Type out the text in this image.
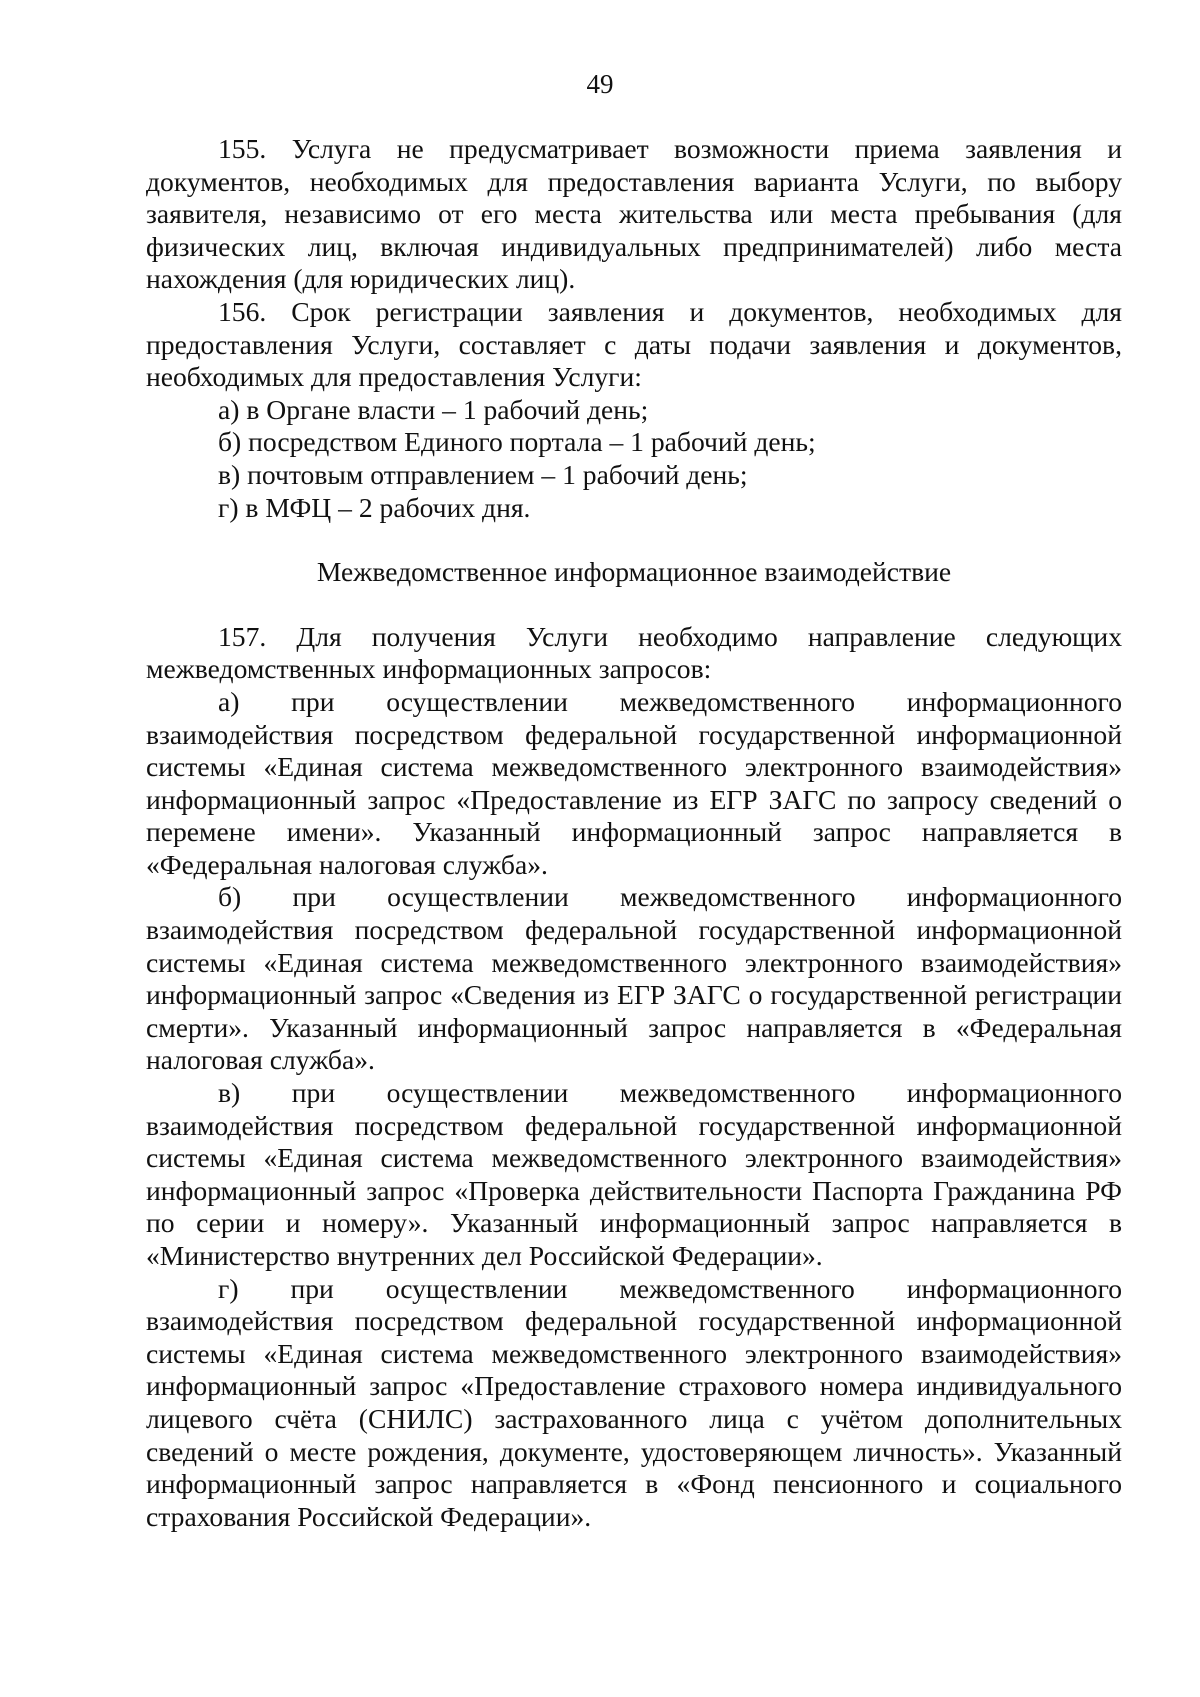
49

155. Услуга не предусматривает возможности приема заявления и документов, необходимых для предоставления варианта Услуги, по выбору заявителя, независимо от его места жительства или места пребывания (для физических лиц, включая индивидуальных предпринимателей) либо места нахождения (для юридических лиц).

156. Срок регистрации заявления и документов, необходимых для предоставления Услуги, составляет с даты подачи заявления и документов, необходимых для предоставления Услуги:

а) в Органе власти – 1 рабочий день;

б) посредством Единого портала – 1 рабочий день;

в) почтовым отправлением – 1 рабочий день;

г) в МФЦ – 2 рабочих дня.

Межведомственное информационное взаимодействие

157. Для получения Услуги необходимо направление следующих межведомственных информационных запросов:

а) при осуществлении межведомственного информационного взаимодействия посредством федеральной государственной информационной системы «Единая система межведомственного электронного взаимодействия» информационный запрос «Предоставление из ЕГР ЗАГС по запросу сведений о перемене имени». Указанный информационный запрос направляется в «Федеральная налоговая служба».

б) при осуществлении межведомственного информационного взаимодействия посредством федеральной государственной информационной системы «Единая система межведомственного электронного взаимодействия» информационный запрос «Сведения из ЕГР ЗАГС о государственной регистрации смерти». Указанный информационный запрос направляется в «Федеральная налоговая служба».

в) при осуществлении межведомственного информационного взаимодействия посредством федеральной государственной информационной системы «Единая система межведомственного электронного взаимодействия» информационный запрос «Проверка действительности Паспорта Гражданина РФ по серии и номеру». Указанный информационный запрос направляется в «Министерство внутренних дел Российской Федерации».

г) при осуществлении межведомственного информационного взаимодействия посредством федеральной государственной информационной системы «Единая система межведомственного электронного взаимодействия» информационный запрос «Предоставление страхового номера индивидуального лицевого счёта (СНИЛС) застрахованного лица с учётом дополнительных сведений о месте рождения, документе, удостоверяющем личность». Указанный информационный запрос направляется в «Фонд пенсионного и социального страхования Российской Федерации».
